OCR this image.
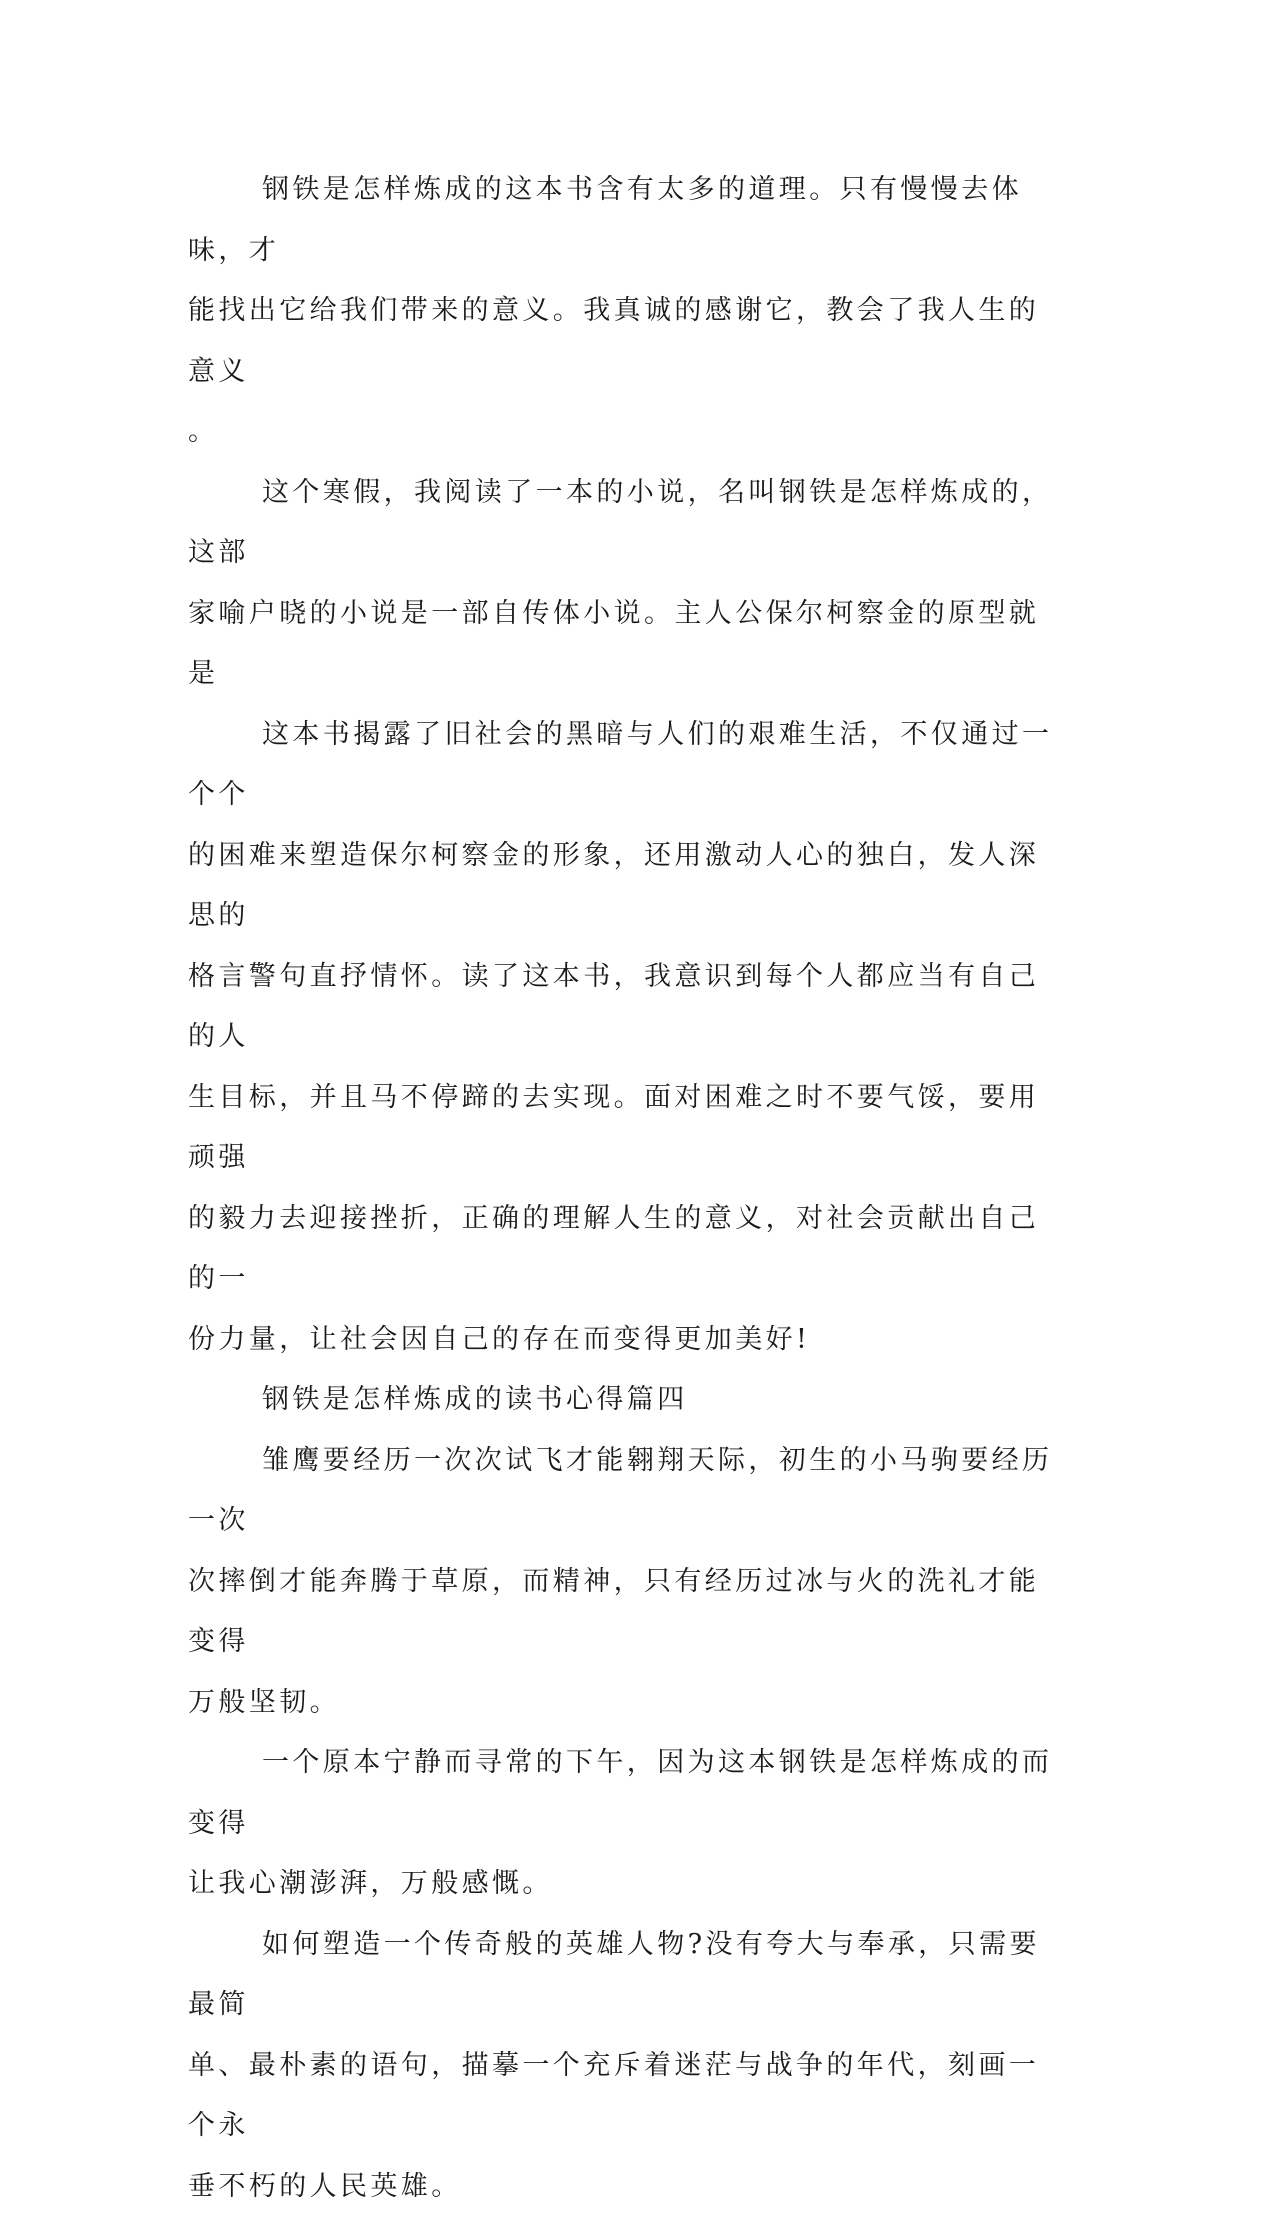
钢铁是怎样炼成的这本书含有太多的道理。只有慢慢去体味，才
能找出它给我们带来的意义。我真诚的感谢它，教会了我人生的意义
。

这个寒假，我阅读了一本的小说，名叫钢铁是怎样炼成的，这部
家喻户晓的小说是一部自传体小说。主人公保尔柯察金的原型就是

这本书揭露了旧社会的黑暗与人们的艰难生活，不仅通过一个个
的困难来塑造保尔柯察金的形象，还用激动人心的独白，发人深思的
格言警句直抒情怀。读了这本书，我意识到每个人都应当有自己的人
生目标，并且马不停蹄的去实现。面对困难之时不要气馁，要用顽强
的毅力去迎接挫折，正确的理解人生的意义，对社会贡献出自己的一
份力量，让社会因自己的存在而变得更加美好!

钢铁是怎样炼成的读书心得篇四

雏鹰要经历一次次试飞才能翱翔天际，初生的小马驹要经历一次
次摔倒才能奔腾于草原，而精神，只有经历过冰与火的洗礼才能变得
万般坚韧。

一个原本宁静而寻常的下午，因为这本钢铁是怎样炼成的而变得
让我心潮澎湃，万般感慨。

如何塑造一个传奇般的英雄人物?没有夸大与奉承，只需要最简
单、最朴素的语句，描摹一个充斥着迷茫与战争的年代，刻画一个永
垂不朽的人民英雄。
